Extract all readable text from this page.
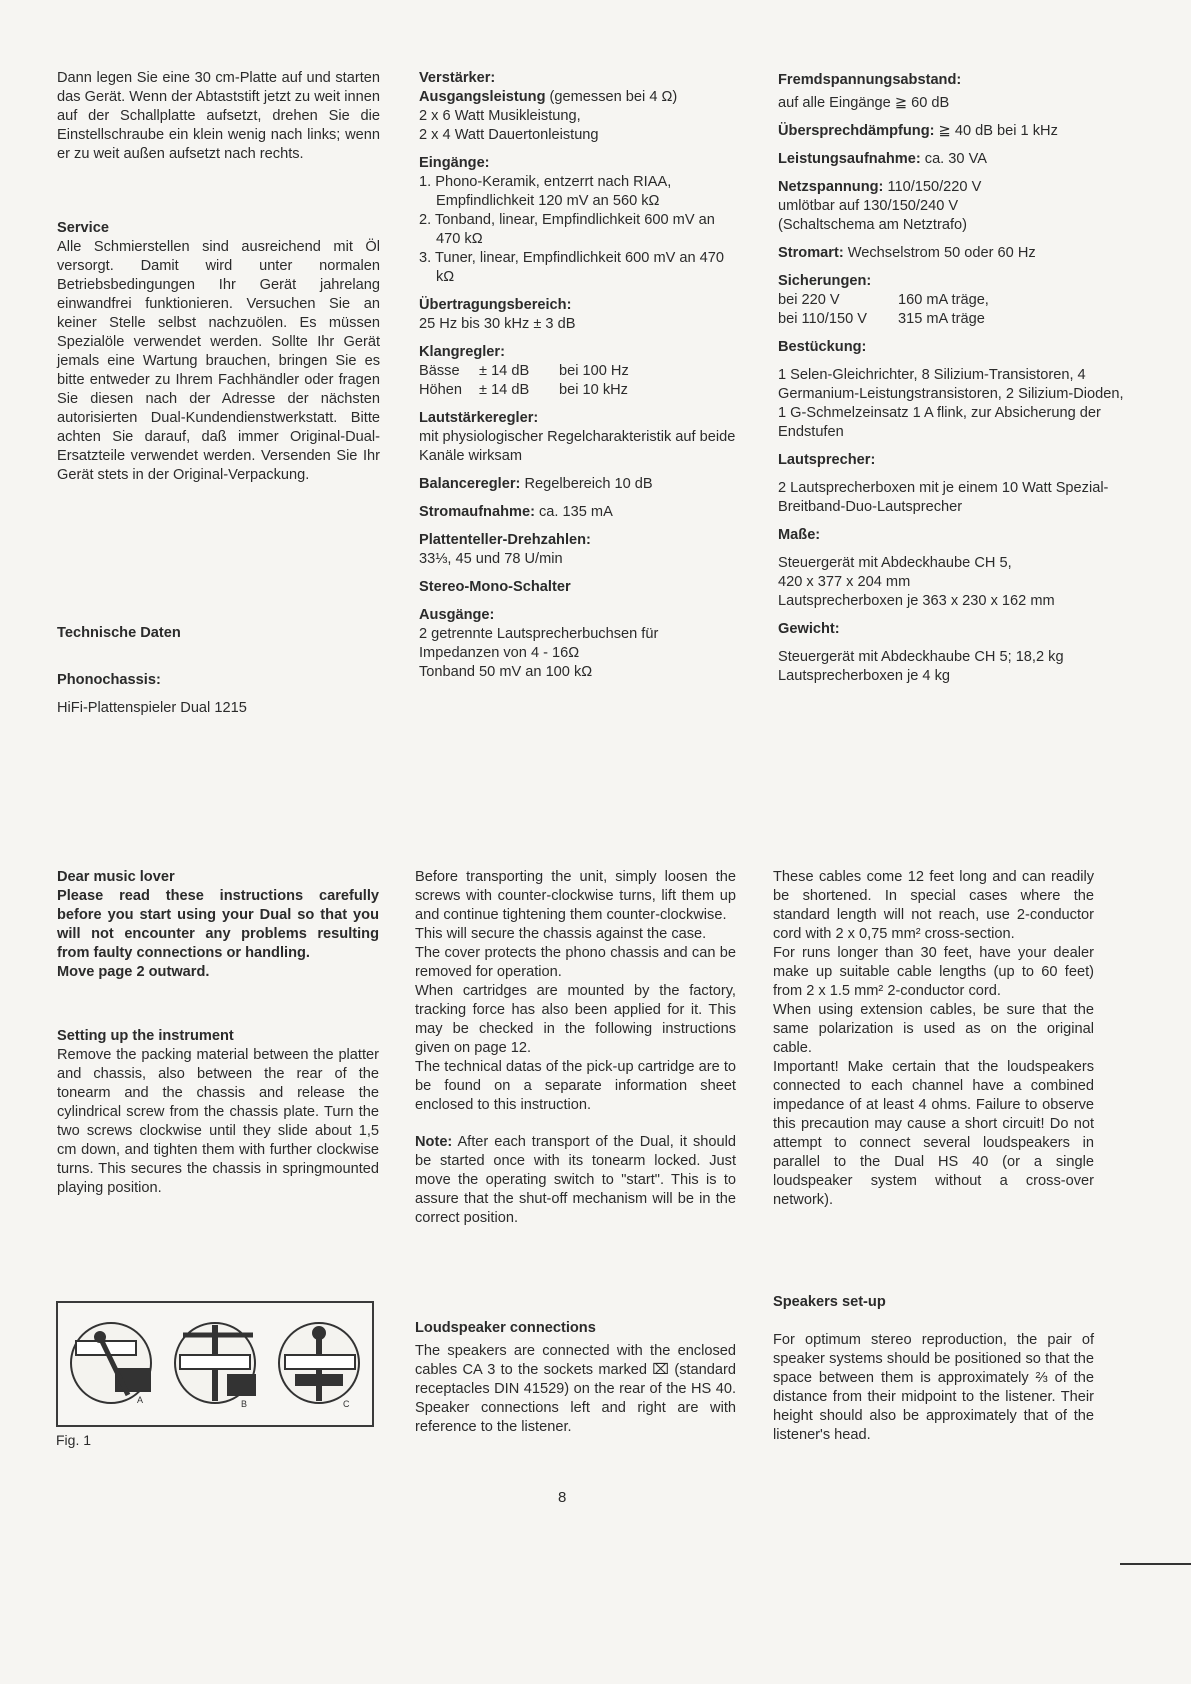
Dann legen Sie eine 30 cm-Platte auf und starten das Gerät. Wenn der Abtaststift jetzt zu weit innen auf der Schallplatte aufsetzt, drehen Sie die Einstellschraube ein klein wenig nach links; wenn er zu weit außen aufsetzt nach rechts.

Service

Alle Schmierstellen sind ausreichend mit Öl versorgt. Damit wird unter normalen Betriebsbedingungen Ihr Gerät jahrelang einwandfrei funktionieren. Versuchen Sie an keiner Stelle selbst nachzuölen. Es müssen Spezialöle verwendet werden. Sollte Ihr Gerät jemals eine Wartung brauchen, bringen Sie es bitte entweder zu Ihrem Fachhändler oder fragen Sie diesen nach der Adresse der nächsten autorisierten Dual-Kundendienstwerkstatt. Bitte achten Sie darauf, daß immer Original-Dual-Ersatzteile verwendet werden. Versenden Sie Ihr Gerät stets in der Original-Verpackung.

Technische Daten

Phonochassis:

HiFi-Plattenspieler Dual 1215

Verstärker:

Ausgangsleistung (gemessen bei 4 Ω)

2 x 6 Watt Musikleistung,

2 x 4 Watt Dauertonleistung

Eingänge:

1. Phono-Keramik, entzerrt nach RIAA, Empfindlichkeit 120 mV an 560 kΩ

2. Tonband, linear, Empfindlichkeit 600 mV an 470 kΩ

3. Tuner, linear, Empfindlichkeit 600 mV an 470 kΩ

Übertragungsbereich:

25 Hz bis 30 kHz ± 3 dB

Klangregler:

Bässe	± 14 dB	bei 100 Hz
Höhen	± 14 dB	bei 10 kHz

Lautstärkeregler:

mit physiologischer Regelcharakteristik auf beide Kanäle wirksam

Balanceregler: Regelbereich 10 dB

Stromaufnahme: ca. 135 mA

Plattenteller-Drehzahlen:

33⅓, 45 und 78 U/min

Stereo-Mono-Schalter

Ausgänge:

2 getrennte Lautsprecherbuchsen für Impedanzen von 4 - 16Ω

Tonband 50 mV an 100 kΩ

Fremdspannungsabstand:

auf alle Eingänge ≧ 60 dB

Übersprechdämpfung: ≧ 40 dB bei 1 kHz

Leistungsaufnahme: ca. 30 VA

Netzspannung: 110/150/220 V

umlötbar auf 130/150/240 V

(Schaltschema am Netztrafo)

Stromart: Wechselstrom 50 oder 60 Hz

Sicherungen:

bei 220 V	160 mA träge,
bei 110/150 V	315 mA träge

Bestückung:

1 Selen-Gleichrichter, 8 Silizium-Transistoren, 4 Germanium-Leistungstransistoren, 2 Silizium-Dioden, 1 G-Schmelzeinsatz 1 A flink, zur Absicherung der Endstufen

Lautsprecher:

2 Lautsprecherboxen mit je einem 10 Watt Spezial-Breitband-Duo-Lautsprecher

Maße:

Steuergerät mit Abdeckhaube CH 5,

420 x 377 x 204 mm

Lautsprecherboxen je 363 x 230 x 162 mm

Gewicht:

Steuergerät mit Abdeckhaube CH 5; 18,2 kg

Lautsprecherboxen je 4 kg

Dear music lover

Please read these instructions carefully before you start using your Dual so that you will not encounter any problems resulting from faulty connections or handling.

Move page 2 outward.

Setting up the instrument

Remove the packing material between the platter and chassis, also between the rear of the tonearm and the chassis and release the cylindrical screw from the chassis plate. Turn the two screws clockwise until they slide about 1,5 cm down, and tighten them with further clockwise turns. This secures the chassis in springmounted playing position.

A	B	C
Fig. 1

Before transporting the unit, simply loosen the screws with counter-clockwise turns, lift them up and continue tightening them counter-clockwise.

This will secure the chassis against the case.

The cover protects the phono chassis and can be removed for operation.

When cartridges are mounted by the factory, tracking force has also been applied for it. This may be checked in the following instructions given on page 12.

The technical datas of the pick-up cartridge are to be found on a separate information sheet enclosed to this instruction.

Note: After each transport of the Dual, it should be started once with its tonearm locked. Just move the operating switch to "start". This is to assure that the shut-off mechanism will be in the correct position.

Loudspeaker connections

The speakers are connected with the enclosed cables CA 3 to the sockets marked ⌧ (standard receptacles DIN 41529) on the rear of the HS 40. Speaker connections left and right are with reference to the listener.

These cables come 12 feet long and can readily be shortened. In special cases where the standard length will not reach, use 2-conductor cord with 2 x 0,75 mm² cross-section.

For runs longer than 30 feet, have your dealer make up suitable cable lengths (up to 60 feet) from 2 x 1.5 mm² 2-conductor cord.

When using extension cables, be sure that the same polarization is used as on the original cable.

Important! Make certain that the loudspeakers connected to each channel have a combined impedance of at least 4 ohms. Failure to observe this precaution may cause a short circuit! Do not attempt to connect several loudspeakers in parallel to the Dual HS 40 (or a single loudspeaker system without a cross-over network).

Speakers set-up

For optimum stereo reproduction, the pair of speaker systems should be positioned so that the space between them is approximately ⅔ of the distance from their midpoint to the listener. Their height should also be approximately that of the listener's head.

8
